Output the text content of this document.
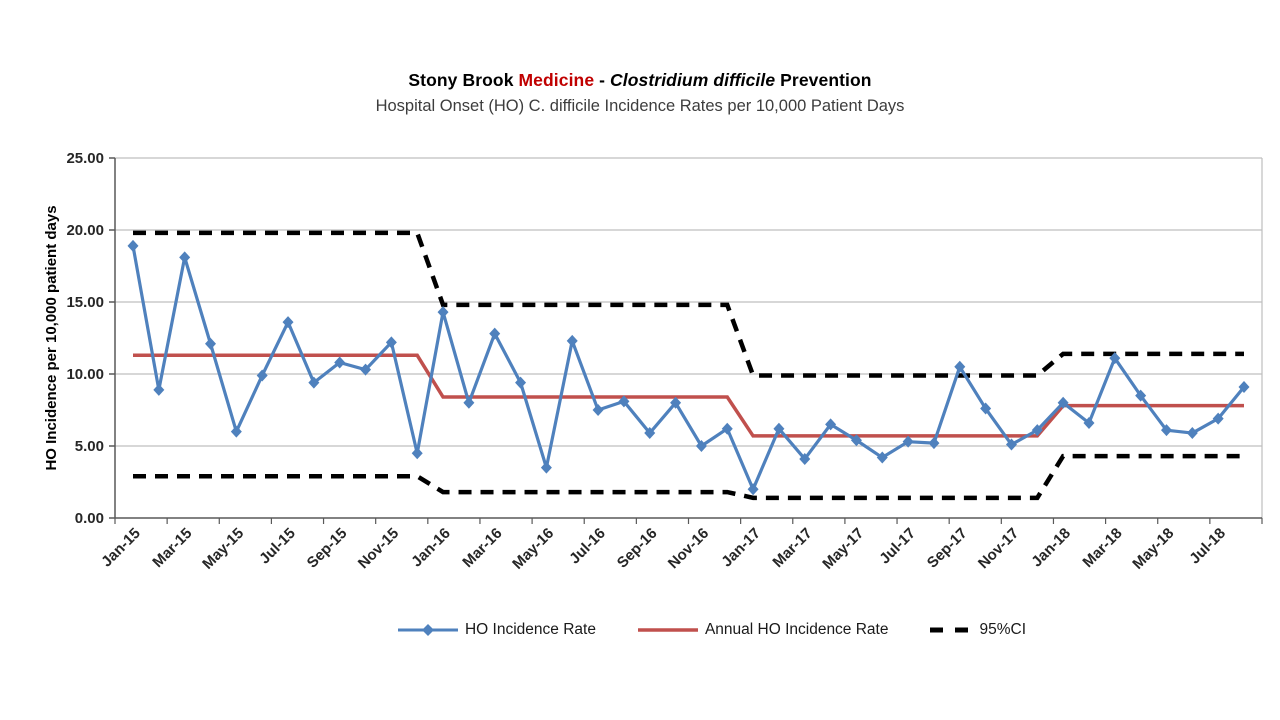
0.00
5.00
10.00
15.00
20.00
25.00
Jan-15 Mar-15 May-15 Jul-15 Sep-15 Nov-15 Jan-16 Mar-16 May-16 Jul-16 Sep-16 Nov-16 Jan-17 Mar-17 May-17 Jul-17 Sep-17 Nov-17 Jan-18 Mar-18 May-18 Jul-18
HO Incidence per 10,000 patient days
Stony Brook Medicine - Clostridium difficile Prevention
Hospital Onset (HO) C. difficile Incidence Rates per 10,000 Patient Days
HO Incidence Rate	Annual HO Incidence Rate	95%CI
